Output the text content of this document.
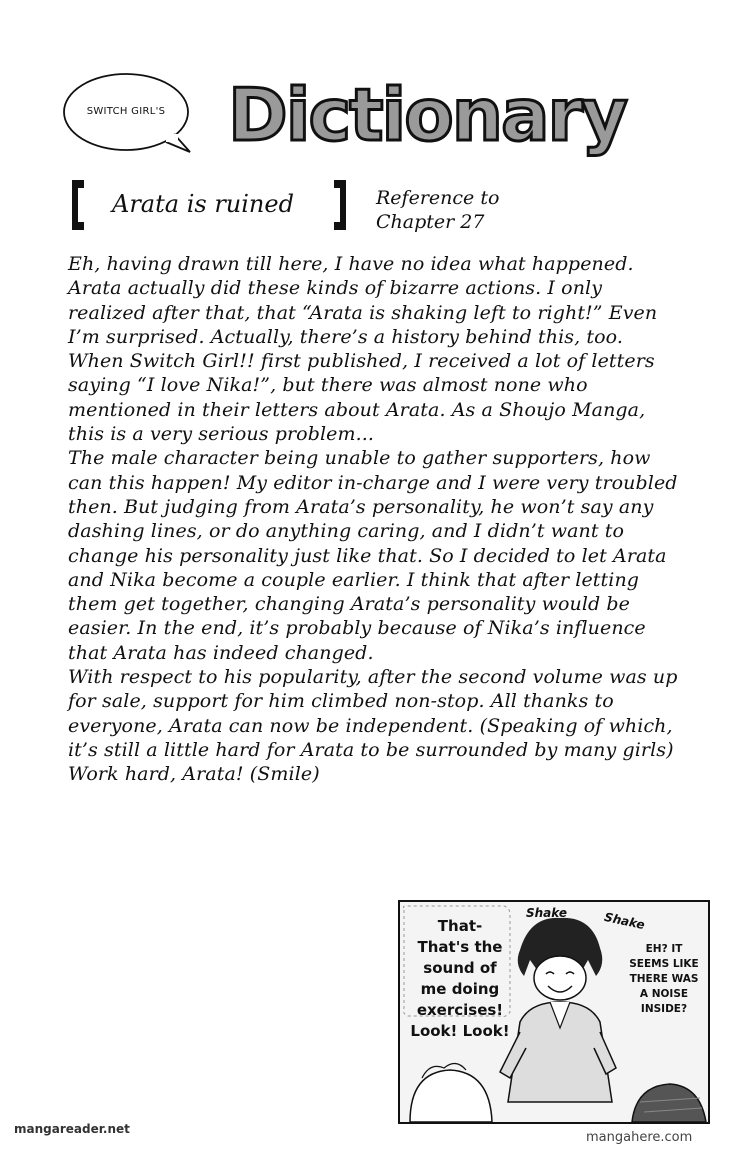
SWITCH GIRL'S Dictionary
Arata is ruined	Reference to
Chapter 27

Eh, having drawn till here, I have no idea what happened. Arata actually did these kinds of bizarre actions. I only realized after that, that “Arata is shaking left to right!” Even I’m surprised. Actually, there’s a history behind this, too.

When Switch Girl!! first published, I received a lot of letters saying “I love Nika!”, but there was almost none who mentioned in their letters about Arata. As a Shoujo Manga, this is a very serious problem...

The male character being unable to gather supporters, how can this happen! My editor in-charge and I were very troubled then. But judging from Arata’s personality, he won’t say any dashing lines, or do anything caring, and I didn’t want to change his personality just like that. So I decided to let Arata and Nika become a couple earlier. I think that after letting them get together, changing Arata’s personality would be easier. In the end, it’s probably because of Nika’s influence that Arata has indeed changed.

With respect to his popularity, after the second volume was up for sale, support for him climbed non-stop. All thanks to everyone, Arata can now be independent. (Speaking of which, it’s still a little hard for Arata to be surrounded by many girls)

Work hard, Arata! (Smile)

That- That's the sound of me doing exercises! Look! Look!
EH? IT SEEMS LIKE THERE WAS A NOISE INSIDE?
Shake	Shake
mangareader.net
mangahere.com
